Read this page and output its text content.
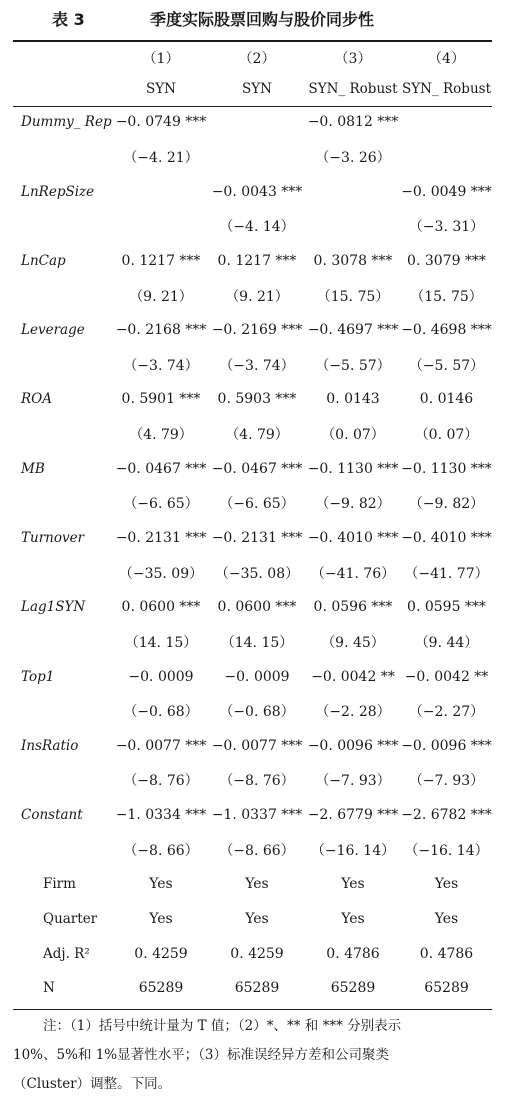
表 3	季度实际股票回购与股价同步性
	（1）	（2）	（3）	（4）
	SYN	SYN	SYN_ Robust	SYN_ Robust
Dummy_ Rep	−0. 0749 ***		−0. 0812 ***	
	（−4. 21）		（−3. 26）	
LnRepSize		−0. 0043 ***		−0. 0049 ***
		（−4. 14）		（−3. 31）
LnCap	0. 1217 ***	0. 1217 ***	0. 3078 ***	0. 3079 ***
	（9. 21）	（9. 21）	（15. 75）	（15. 75）
Leverage	−0. 2168 ***	−0. 2169 ***	−0. 4697 ***	−0. 4698 ***
	（−3. 74）	（−3. 74）	（−5. 57）	（−5. 57）
ROA	0. 5901 ***	0. 5903 ***	0. 0143	0. 0146
	（4. 79）	（4. 79）	（0. 07）	（0. 07）
MB	−0. 0467 ***	−0. 0467 ***	−0. 1130 ***	−0. 1130 ***
	（−6. 65）	（−6. 65）	（−9. 82）	（−9. 82）
Turnover	−0. 2131 ***	−0. 2131 ***	−0. 4010 ***	−0. 4010 ***
	（−35. 09）	（−35. 08）	（−41. 76）	（−41. 77）
Lag1SYN	0. 0600 ***	0. 0600 ***	0. 0596 ***	0. 0595 ***
	（14. 15）	（14. 15）	（9. 45）	（9. 44）
Top1	−0. 0009	−0. 0009	−0. 0042 **	−0. 0042 **
	（−0. 68）	（−0. 68）	（−2. 28）	（−2. 27）
InsRatio	−0. 0077 ***	−0. 0077 ***	−0. 0096 ***	−0. 0096 ***
	（−8. 76）	（−8. 76）	（−7. 93）	（−7. 93）
Constant	−1. 0334 ***	−1. 0337 ***	−2. 6779 ***	−2. 6782 ***
	（−8. 66）	（−8. 66）	（−16. 14）	（−16. 14）
Firm	Yes	Yes	Yes	Yes
Quarter	Yes	Yes	Yes	Yes
Adj. R²	0. 4259	0. 4259	0. 4786	0. 4786
N	65289	65289	65289	65289
注：（1）括号中统计量为 T 值；（2）*、** 和 *** 分别表示
10%、5%和 1%显著性水平；（3）标准误经异方差和公司聚类
（Cluster）调整。下同。
